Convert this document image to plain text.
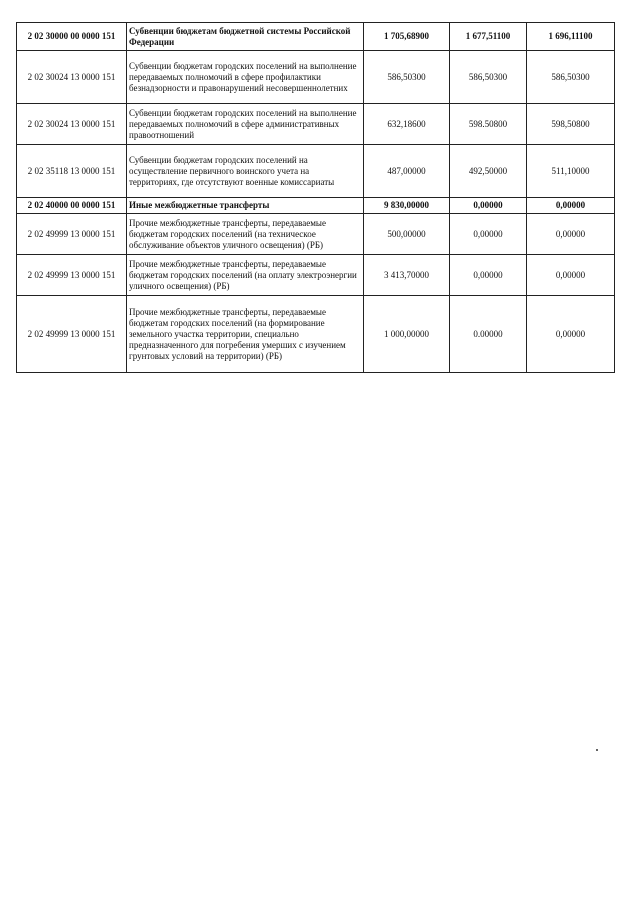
2 02 30000 00 0000 151	Субвенции бюджетам бюджетной системы Российской Федерации	1 705,68900	1 677,51100	1 696,11100
2 02 30024 13 0000 151	Субвенции бюджетам городских поселений на выполнение передаваемых полномочий в сфере профилактики безнадзорности и правонарушений несовершеннолетних	586,50300	586,50300	586,50300
2 02 30024 13 0000 151	Субвенции бюджетам городских поселений на выполнение передаваемых полномочий в сфере административных правоотношений	632,18600	598.50800	598,50800
2 02 35118 13 0000 151	Субвенции бюджетам городских поселений на осуществление первичного воинского учета на территориях, где отсутствуют военные комиссариаты	487,00000	492,50000	511,10000
2 02 40000 00 0000 151	Иные межбюджетные трансферты	9 830,00000	0,00000	0,00000
2 02 49999 13 0000 151	Прочие межбюджетные трансферты, передаваемые бюджетам городских поселений (на техническое обслуживание объектов уличного освещения) (РБ)	500,00000	0,00000	0,00000
2 02 49999 13 0000 151	Прочие межбюджетные трансферты, передаваемые бюджетам городских поселений (на оплату электроэнергии уличного освещения) (РБ)	3 413,70000	0,00000	0,00000
2 02 49999 13 0000 151	Прочие межбюджетные трансферты, передаваемые бюджетам городских поселений (на формирование земельного участка территории, специально предназначенного для погребения умерших с изучением грунтовых условий на территории) (РБ)	1 000,00000	0.00000	0,00000
